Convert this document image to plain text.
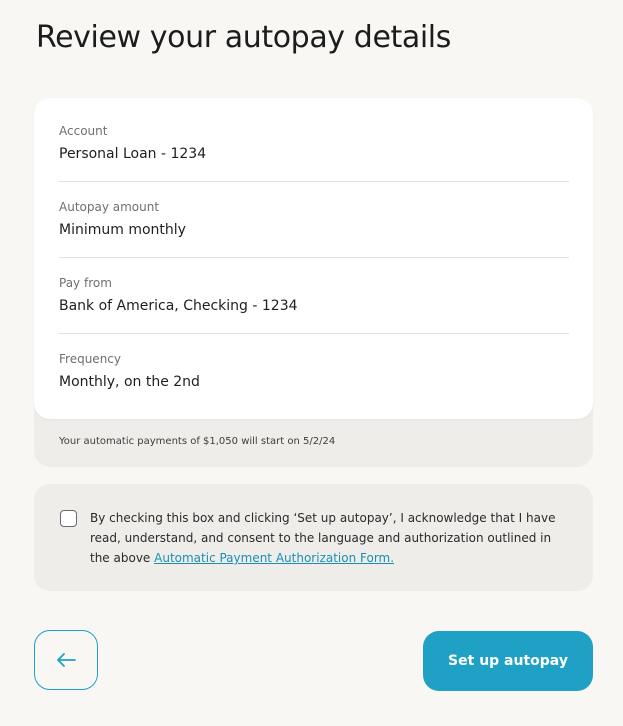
Review your autopay details
Account
Personal Loan - 1234
Autopay amount
Minimum monthly
Pay from
Bank of America, Checking - 1234
Frequency
Monthly, on the 2nd
Your automatic payments of $1,050 will start on 5/2/24
By checking this box and clicking ‘Set up autopay’, I acknowledge that I have read, understand, and consent to the language and authorization outlined in the above Automatic Payment Authorization Form.
Set up autopay
